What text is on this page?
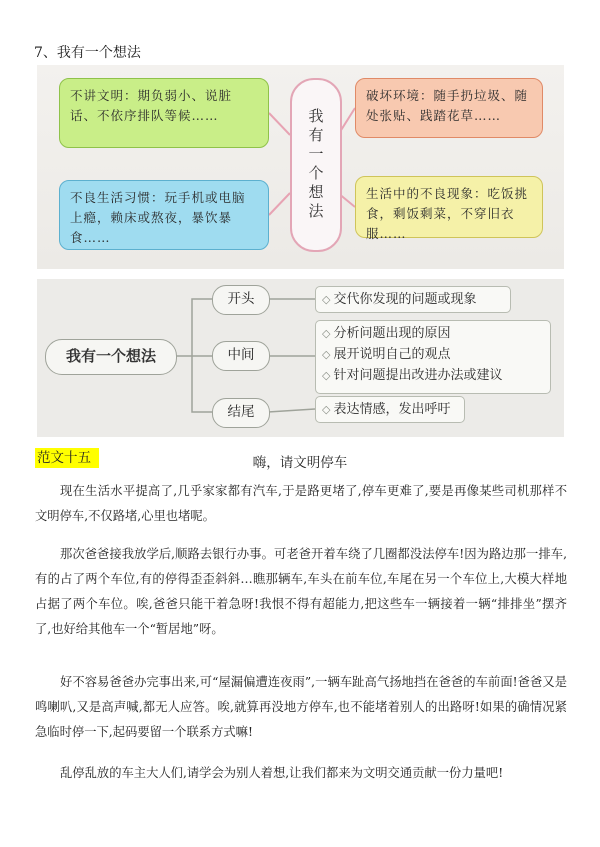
7、我有一个想法
不讲文明：期负弱小、说脏话、不依序排队等候……
不良生活习惯：玩手机或电脑上瘾，赖床或熬夜，暴饮暴食……
破坏环境：随手扔垃圾、随处张贴、践踏花草……
生活中的不良现象：吃饭挑食，剩饭剩菜，不穿旧衣服……
我有一个想法
我有一个想法
开头
中间
结尾
◇ 交代你发现的问题或现象
◇ 分析问题出现的原因
◇ 展开说明自己的观点
◇ 针对问题提出改进办法或建议
◇ 表达情感，发出呼吁
范文十五	嗨，请文明停车
现在生活水平提高了,几乎家家都有汽车,于是路更堵了,停车更难了,要是再像某些司机那样不文明停车,不仅路堵,心里也堵呢。
那次爸爸接我放学后,顺路去银行办事。可老爸开着车绕了几圈都没法停车!因为路边那一排车,有的占了两个车位,有的停得歪歪斜斜…瞧那辆车,车头在前车位,车尾在另一个车位上,大模大样地占据了两个车位。唉,爸爸只能干着急呀!我恨不得有超能力,把这些车一辆接着一辆“排排坐”摆齐了,也好给其他车一个“暂居地”呀。
好不容易爸爸办完事出来,可“屋漏偏遭连夜雨”,一辆车趾高气扬地挡在爸爸的车前面!爸爸又是鸣喇叭,又是高声喊,都无人应答。唉,就算再没地方停车,也不能堵着别人的出路呀!如果的确情况紧急临时停一下,起码要留一个联系方式嘛!
乱停乱放的车主大人们,请学会为别人着想,让我们都来为文明交通贡献一份力量吧!
